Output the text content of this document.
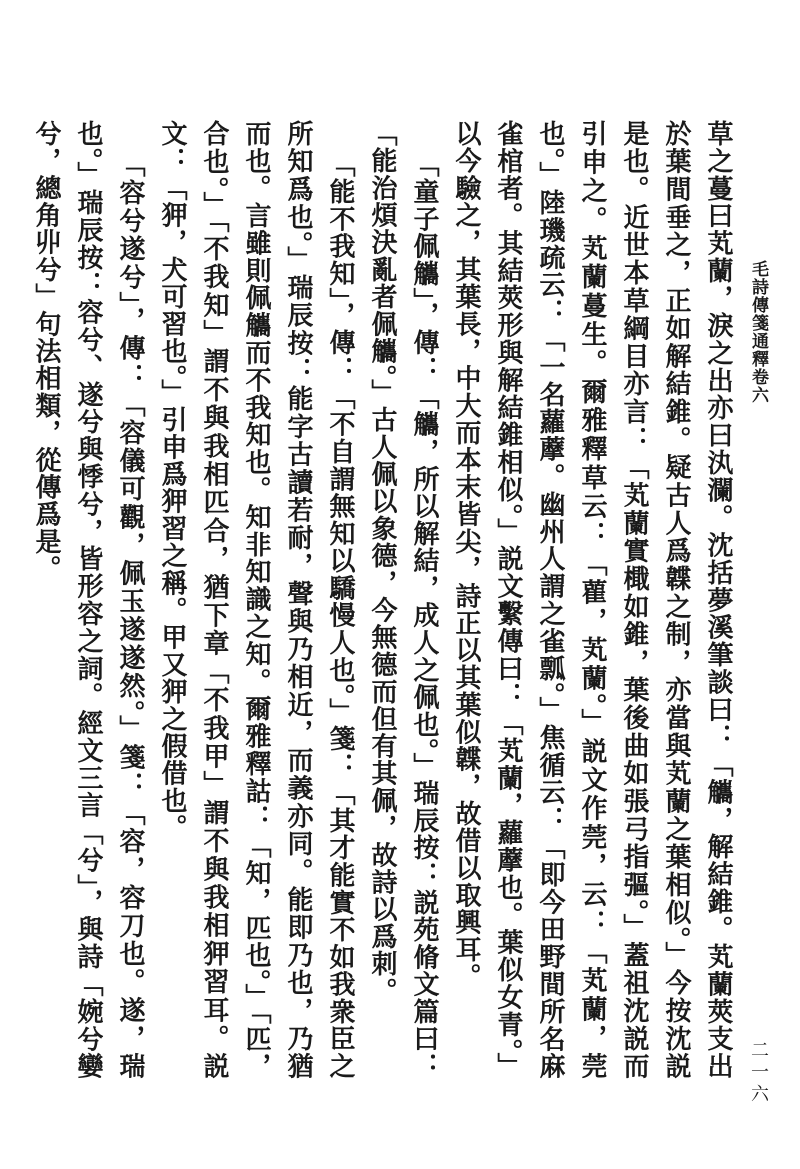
毛詩傳箋通釋卷六

草之蔓曰芄蘭，淚之出亦曰汍瀾。沈括夢溪筆談曰：「觿，解結錐。芄蘭莢支出於葉間垂之，正如解結錐。疑古人爲韘之制，亦當與芄蘭之葉相似。」今按沈説是也。近世本草綱目亦言：「芄蘭實檝如錐，葉後曲如張弓指彄。」蓋祖沈説而引申之。芄蘭蔓生。爾雅釋草云：「雚，芄蘭。」説文作莞，云：「芄蘭，莞也。」陸璣疏云：「一名蘿藦。幽州人謂之雀瓢。」焦循云：「即今田野間所名麻雀棺者。其結莢形與解結錐相似。」説文繫傳曰：「芄蘭，蘿藦也。葉似女青。」以今驗之，其葉長，中大而本末皆尖，詩正以其葉似韘，故借以取興耳。

「童子佩觿」，傳：「觿，所以解結，成人之佩也。」瑞辰按：説苑脩文篇曰：「能治煩決亂者佩觿。」古人佩以象德，今無德而但有其佩，故詩以爲刺。

「能不我知」，傳：「不自謂無知以驕慢人也。」箋：「其才能實不如我衆臣之所知爲也。」瑞辰按：能字古讀若耐，聲與乃相近，而義亦同。能即乃也，乃猶而也。言雖則佩觿而不我知也。知非知識之知。爾雅釋詁：「知，匹也。」「匹，合也。」「不我知」謂不與我相匹合，猶下章「不我甲」謂不與我相狎習耳。説文：「狎，犬可習也。」引申爲狎習之稱。甲又狎之假借也。

「容兮遂兮」，傳：「容儀可觀，佩玉遂遂然。」箋：「容，容刀也。遂，瑞也。」瑞辰按：容兮、遂兮與悸兮，皆形容之詞。經文三言「兮」，與詩「婉兮孌兮，總角丱兮」句法相類，從傳爲是。

二一六
